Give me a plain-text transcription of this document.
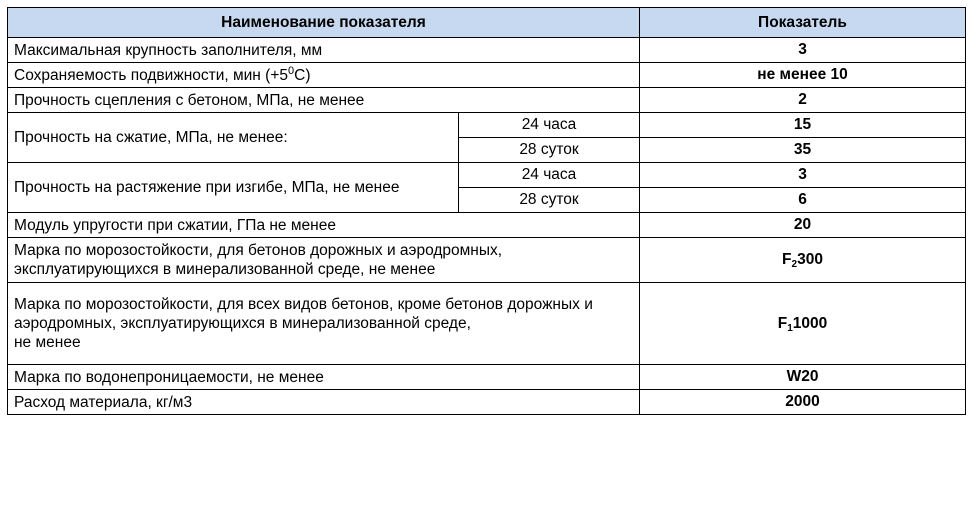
Наименование показателя		Показатель
Максимальная крупность заполнителя, мм		3
Сохраняемость подвижности, мин $(+5^0С)$		не менее 10
Прочность сцепления с бетоном, МПа, не менее		2
Прочность на сжатие, МПа, не менее:	24 часа	15
	28 суток	35
Прочность на растяжение при изгибе, МПа, не менее	24 часа	3
	28 суток	6
Модуль упругости при сжатии, ГПа не менее		20
Марка по морозостойкости, для бетонов дорожных и аэродромных, эксплуатирующихся в минерализованной среде, не менее		$F_2300$
Марка по морозостойкости, для всех видов бетонов, кроме бетонов дорожных и аэродромных, эксплуатирующихся в минерализованной среде,
не менее		$F_11000$
Марка по водонепроницаемости, не менее		W20
Расход материала, кг/м3		2000
